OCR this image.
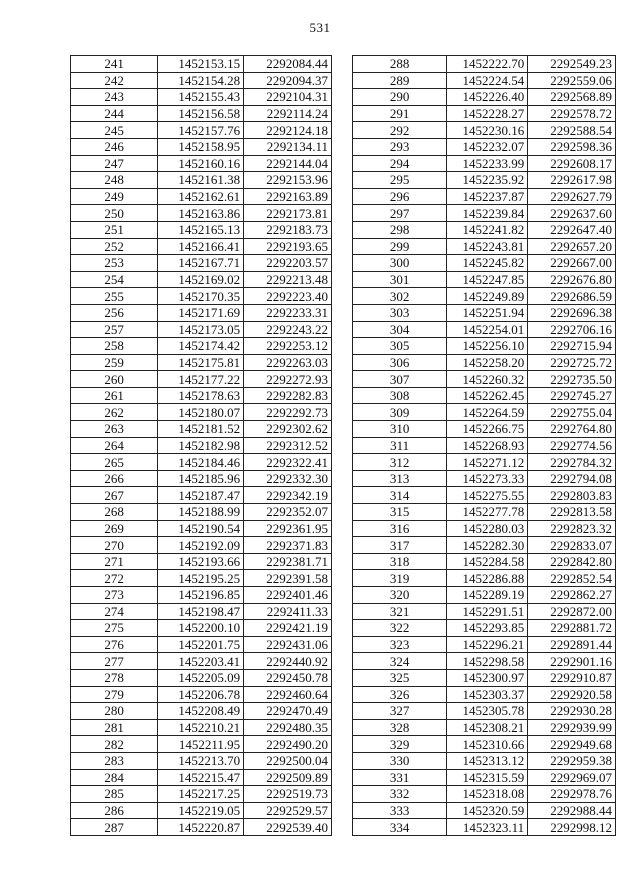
531
241	1452153.15	2292084.44
242	1452154.28	2292094.37
243	1452155.43	2292104.31
244	1452156.58	2292114.24
245	1452157.76	2292124.18
246	1452158.95	2292134.11
247	1452160.16	2292144.04
248	1452161.38	2292153.96
249	1452162.61	2292163.89
250	1452163.86	2292173.81
251	1452165.13	2292183.73
252	1452166.41	2292193.65
253	1452167.71	2292203.57
254	1452169.02	2292213.48
255	1452170.35	2292223.40
256	1452171.69	2292233.31
257	1452173.05	2292243.22
258	1452174.42	2292253.12
259	1452175.81	2292263.03
260	1452177.22	2292272.93
261	1452178.63	2292282.83
262	1452180.07	2292292.73
263	1452181.52	2292302.62
264	1452182.98	2292312.52
265	1452184.46	2292322.41
266	1452185.96	2292332.30
267	1452187.47	2292342.19
268	1452188.99	2292352.07
269	1452190.54	2292361.95
270	1452192.09	2292371.83
271	1452193.66	2292381.71
272	1452195.25	2292391.58
273	1452196.85	2292401.46
274	1452198.47	2292411.33
275	1452200.10	2292421.19
276	1452201.75	2292431.06
277	1452203.41	2292440.92
278	1452205.09	2292450.78
279	1452206.78	2292460.64
280	1452208.49	2292470.49
281	1452210.21	2292480.35
282	1452211.95	2292490.20
283	1452213.70	2292500.04
284	1452215.47	2292509.89
285	1452217.25	2292519.73
286	1452219.05	2292529.57
287	1452220.87	2292539.40
288	1452222.70	2292549.23
289	1452224.54	2292559.06
290	1452226.40	2292568.89
291	1452228.27	2292578.72
292	1452230.16	2292588.54
293	1452232.07	2292598.36
294	1452233.99	2292608.17
295	1452235.92	2292617.98
296	1452237.87	2292627.79
297	1452239.84	2292637.60
298	1452241.82	2292647.40
299	1452243.81	2292657.20
300	1452245.82	2292667.00
301	1452247.85	2292676.80
302	1452249.89	2292686.59
303	1452251.94	2292696.38
304	1452254.01	2292706.16
305	1452256.10	2292715.94
306	1452258.20	2292725.72
307	1452260.32	2292735.50
308	1452262.45	2292745.27
309	1452264.59	2292755.04
310	1452266.75	2292764.80
311	1452268.93	2292774.56
312	1452271.12	2292784.32
313	1452273.33	2292794.08
314	1452275.55	2292803.83
315	1452277.78	2292813.58
316	1452280.03	2292823.32
317	1452282.30	2292833.07
318	1452284.58	2292842.80
319	1452286.88	2292852.54
320	1452289.19	2292862.27
321	1452291.51	2292872.00
322	1452293.85	2292881.72
323	1452296.21	2292891.44
324	1452298.58	2292901.16
325	1452300.97	2292910.87
326	1452303.37	2292920.58
327	1452305.78	2292930.28
328	1452308.21	2292939.99
329	1452310.66	2292949.68
330	1452313.12	2292959.38
331	1452315.59	2292969.07
332	1452318.08	2292978.76
333	1452320.59	2292988.44
334	1452323.11	2292998.12
